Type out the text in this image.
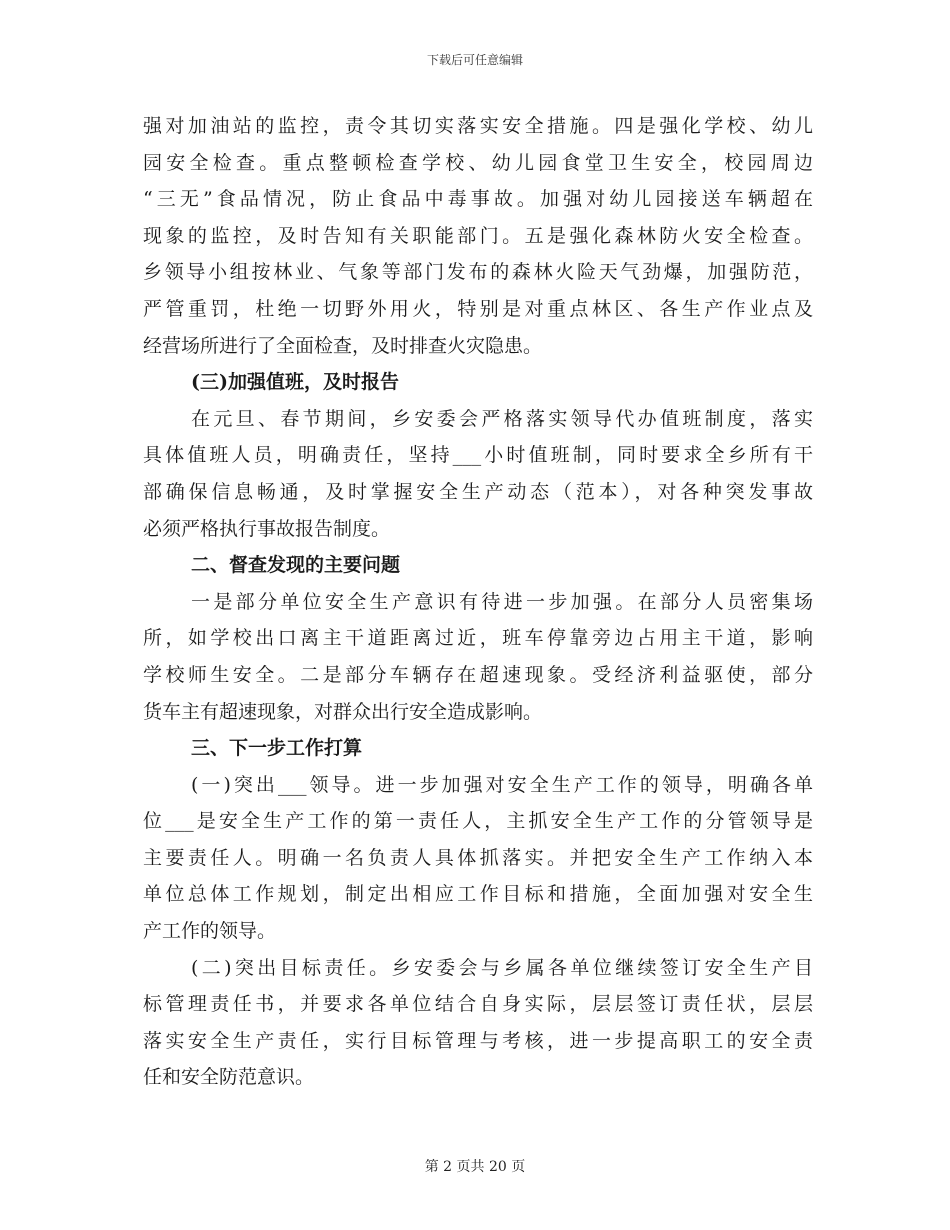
下载后可任意编辑
强对加油站的监控，责令其切实落实安全措施。四是强化学校、幼儿
园安全检查。重点整顿检查学校、幼儿园食堂卫生安全，校园周边
“三无”食品情况，防止食品中毒事故。加强对幼儿园接送车辆超在
现象的监控，及时告知有关职能部门。五是强化森林防火安全检查。
乡领导小组按林业、气象等部门发布的森林火险天气劲爆，加强防范，
严管重罚，杜绝一切野外用火，特别是对重点林区、各生产作业点及
经营场所进行了全面检查，及时排查火灾隐患。
(三)加强值班，及时报告
在元旦、春节期间，乡安委会严格落实领导代办值班制度，落实
具体值班人员，明确责任，坚持___小时值班制，同时要求全乡所有干
部确保信息畅通，及时掌握安全生产动态（范本），对各种突发事故
必须严格执行事故报告制度。
二、督查发现的主要问题
一是部分单位安全生产意识有待进一步加强。在部分人员密集场
所，如学校出口离主干道距离过近，班车停靠旁边占用主干道，影响
学校师生安全。二是部分车辆存在超速现象。受经济利益驱使，部分
货车主有超速现象，对群众出行安全造成影响。
三、下一步工作打算
(一)突出___领导。进一步加强对安全生产工作的领导，明确各单
位___是安全生产工作的第一责任人，主抓安全生产工作的分管领导是
主要责任人。明确一名负责人具体抓落实。并把安全生产工作纳入本
单位总体工作规划，制定出相应工作目标和措施，全面加强对安全生
产工作的领导。
(二)突出目标责任。乡安委会与乡属各单位继续签订安全生产目
标管理责任书，并要求各单位结合自身实际，层层签订责任状，层层
落实安全生产责任，实行目标管理与考核，进一步提高职工的安全责
任和安全防范意识。
第 2 页共 20 页
